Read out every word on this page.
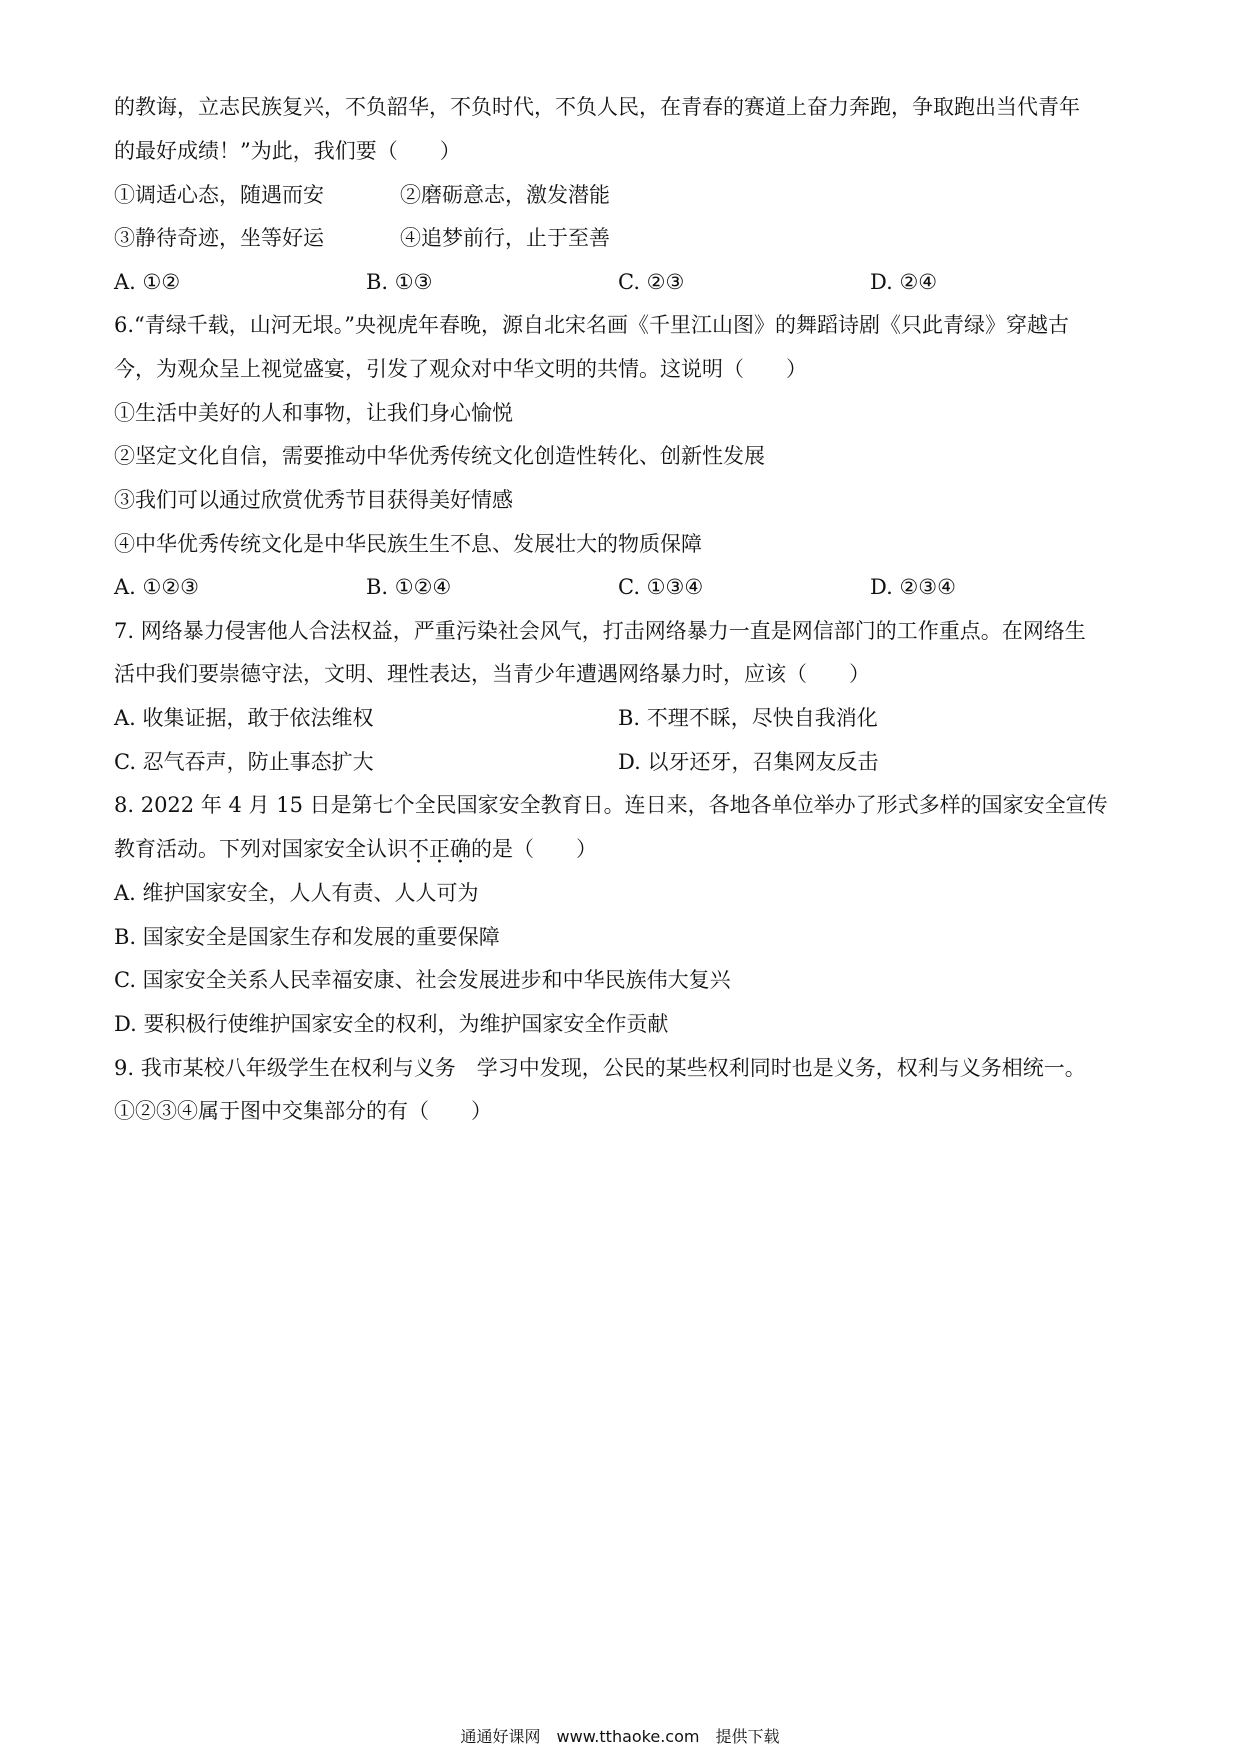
的教诲，立志民族复兴，不负韶华，不负时代，不负人民，在青春的赛道上奋力奔跑，争取跑出当代青年
的最好成绩！”为此，我们要（　　）
①调适心态，随遇而安	②磨砺意志，激发潜能
③静待奇迹，坐等好运	④追梦前行，止于至善
A. ①②	B. ①③	C. ②③	D. ②④
6.“青绿千载，山河无垠。”央视虎年春晚，源自北宋名画《千里江山图》的舞蹈诗剧《只此青绿》穿越古
今，为观众呈上视觉盛宴，引发了观众对中华文明的共情。这说明（　　）
①生活中美好的人和事物，让我们身心愉悦
②坚定文化自信，需要推动中华优秀传统文化创造性转化、创新性发展
③我们可以通过欣赏优秀节目获得美好情感
④中华优秀传统文化是中华民族生生不息、发展壮大的物质保障
A. ①②③	B. ①②④	C. ①③④	D. ②③④
7. 网络暴力侵害他人合法权益，严重污染社会风气，打击网络暴力一直是网信部门的工作重点。在网络生
活中我们要崇德守法，文明、理性表达，当青少年遭遇网络暴力时，应该（　　）
A. 收集证据，敢于依法维权	B. 不理不睬，尽快自我消化
C. 忍气吞声，防止事态扩大	D. 以牙还牙，召集网友反击
8. 2022 年 4 月 15 日是第七个全民国家安全教育日。连日来，各地各单位举办了形式多样的国家安全宣传
教育活动。下列对国家安全认识不正确的是（　　）
A. 维护国家安全，人人有责、人人可为
B. 国家安全是国家生存和发展的重要保障
C. 国家安全关系人民幸福安康、社会发展进步和中华民族伟大复兴
D. 要积极行使维护国家安全的权利，为维护国家安全作贡献
9. 我市某校八年级学生在权利与义务　学习中发现，公民的某些权利同时也是义务，权利与义务相统一。
①②③④属于图中交集部分的有（　　）
通通好课网　www.tthaoke.com　提供下载
